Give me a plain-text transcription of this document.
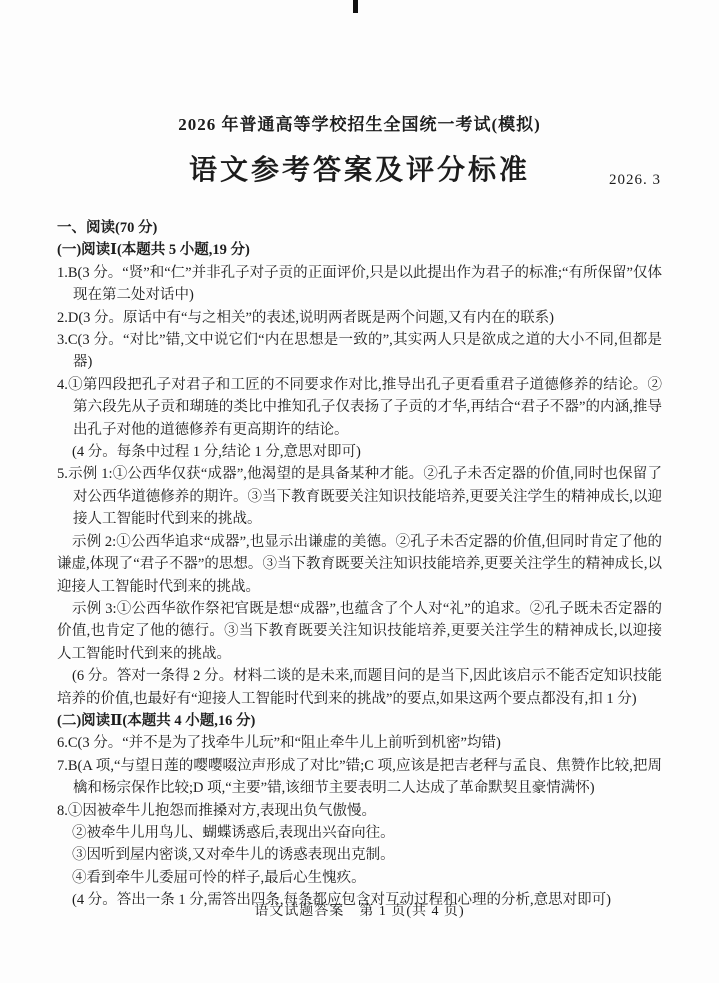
2026 年普通高等学校招生全国统一考试(模拟)
语文参考答案及评分标准	2026. 3

一、阅读(70 分)

(一)阅读Ⅰ(本题共 5 小题,19 分)

1.B(3 分。“贤”和“仁”并非孔子对子贡的正面评价,只是以此提出作为君子的标准;“有所保留”仅体现在第二处对话中)

2.D(3 分。原话中有“与之相关”的表述,说明两者既是两个问题,又有内在的联系)

3.C(3 分。“对比”错,文中说它们“内在思想是一致的”,其实两人只是欲成之道的大小不同,但都是器)

4.①第四段把孔子对君子和工匠的不同要求作对比,推导出孔子更看重君子道德修养的结论。②第六段先从子贡和瑚琏的类比中推知孔子仅表扬了子贡的才华,再结合“君子不器”的内涵,推导出孔子对他的道德修养有更高期许的结论。

(4 分。每条中过程 1 分,结论 1 分,意思对即可)

5.示例 1:①公西华仅获“成器”,他渴望的是具备某种才能。②孔子未否定器的价值,同时也保留了对公西华道德修养的期许。③当下教育既要关注知识技能培养,更要关注学生的精神成长,以迎接人工智能时代到来的挑战。

示例 2:①公西华追求“成器”,也显示出谦虚的美德。②孔子未否定器的价值,但同时肯定了他的谦虚,体现了“君子不器”的思想。③当下教育既要关注知识技能培养,更要关注学生的精神成长,以迎接人工智能时代到来的挑战。

示例 3:①公西华欲作祭祀官既是想“成器”,也蕴含了个人对“礼”的追求。②孔子既未否定器的价值,也肯定了他的德行。③当下教育既要关注知识技能培养,更要关注学生的精神成长,以迎接人工智能时代到来的挑战。

(6 分。答对一条得 2 分。材料二谈的是未来,而题目问的是当下,因此该启示不能否定知识技能培养的价值,也最好有“迎接人工智能时代到来的挑战”的要点,如果这两个要点都没有,扣 1 分)

(二)阅读Ⅱ(本题共 4 小题,16 分)

6.C(3 分。“并不是为了找牵牛儿玩”和“阻止牵牛儿上前听到机密”均错)

7.B(A 项,“与望日莲的嘤嘤啜泣声形成了对比”错;C 项,应该是把吉老秤与孟良、焦赞作比较,把周檎和杨宗保作比较;D 项,“主要”错,该细节主要表明二人达成了革命默契且豪情满怀)

8.①因被牵牛儿抱怨而推搡对方,表现出负气傲慢。

②被牵牛儿用鸟儿、蝴蝶诱惑后,表现出兴奋向往。

③因听到屋内密谈,又对牵牛儿的诱惑表现出克制。

④看到牵牛儿委屈可怜的样子,最后心生愧疚。

(4 分。答出一条 1 分,需答出四条,每条都应包含对互动过程和心理的分析,意思对即可)

语文试题答案　第 1 页(共 4 页)
